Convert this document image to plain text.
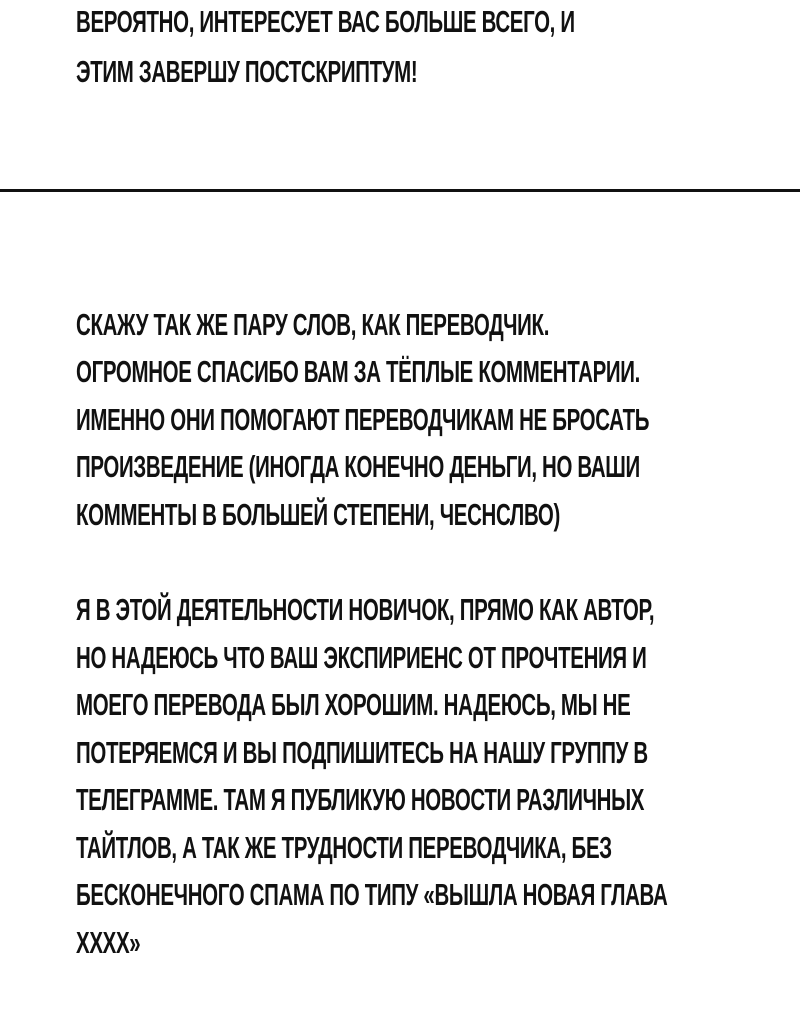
ВЕРОЯТНО, ИНТЕРЕСУЕТ ВАС БОЛЬШЕ ВСЕГО, И

ЭТИМ ЗАВЕРШУ ПОСТСКРИПТУМ!

СКАЖУ ТАК ЖЕ ПАРУ СЛОВ, КАК ПЕРЕВОДЧИК.

ОГРОМНОЕ СПАСИБО ВАМ ЗА ТЁПЛЫЕ КОММЕНТАРИИ.

ИМЕННО ОНИ ПОМОГАЮТ ПЕРЕВОДЧИКАМ НЕ БРОСАТЬ

ПРОИЗВЕДЕНИЕ (ИНОГДА КОНЕЧНО ДЕНЬГИ, НО ВАШИ

КОММЕНТЫ В БОЛЬШЕЙ СТЕПЕНИ, ЧЕСНСЛВО)

Я В ЭТОЙ ДЕЯТЕЛЬНОСТИ НОВИЧОК, ПРЯМО КАК АВТОР,

НО НАДЕЮСЬ ЧТО ВАШ ЭКСПИРИЕНС ОТ ПРОЧТЕНИЯ И

МОЕГО ПЕРЕВОДА БЫЛ ХОРОШИМ. НАДЕЮСЬ, МЫ НЕ

ПОТЕРЯЕМСЯ И ВЫ ПОДПИШИТЕСЬ НА НАШУ ГРУППУ В

ТЕЛЕГРАММЕ. ТАМ Я ПУБЛИКУЮ НОВОСТИ РАЗЛИЧНЫХ

ТАЙТЛОВ, А ТАК ЖЕ ТРУДНОСТИ ПЕРЕВОДЧИКА, БЕЗ

БЕСКОНЕЧНОГО СПАМА ПО ТИПУ «ВЫШЛА НОВАЯ ГЛАВА

XXXX»
